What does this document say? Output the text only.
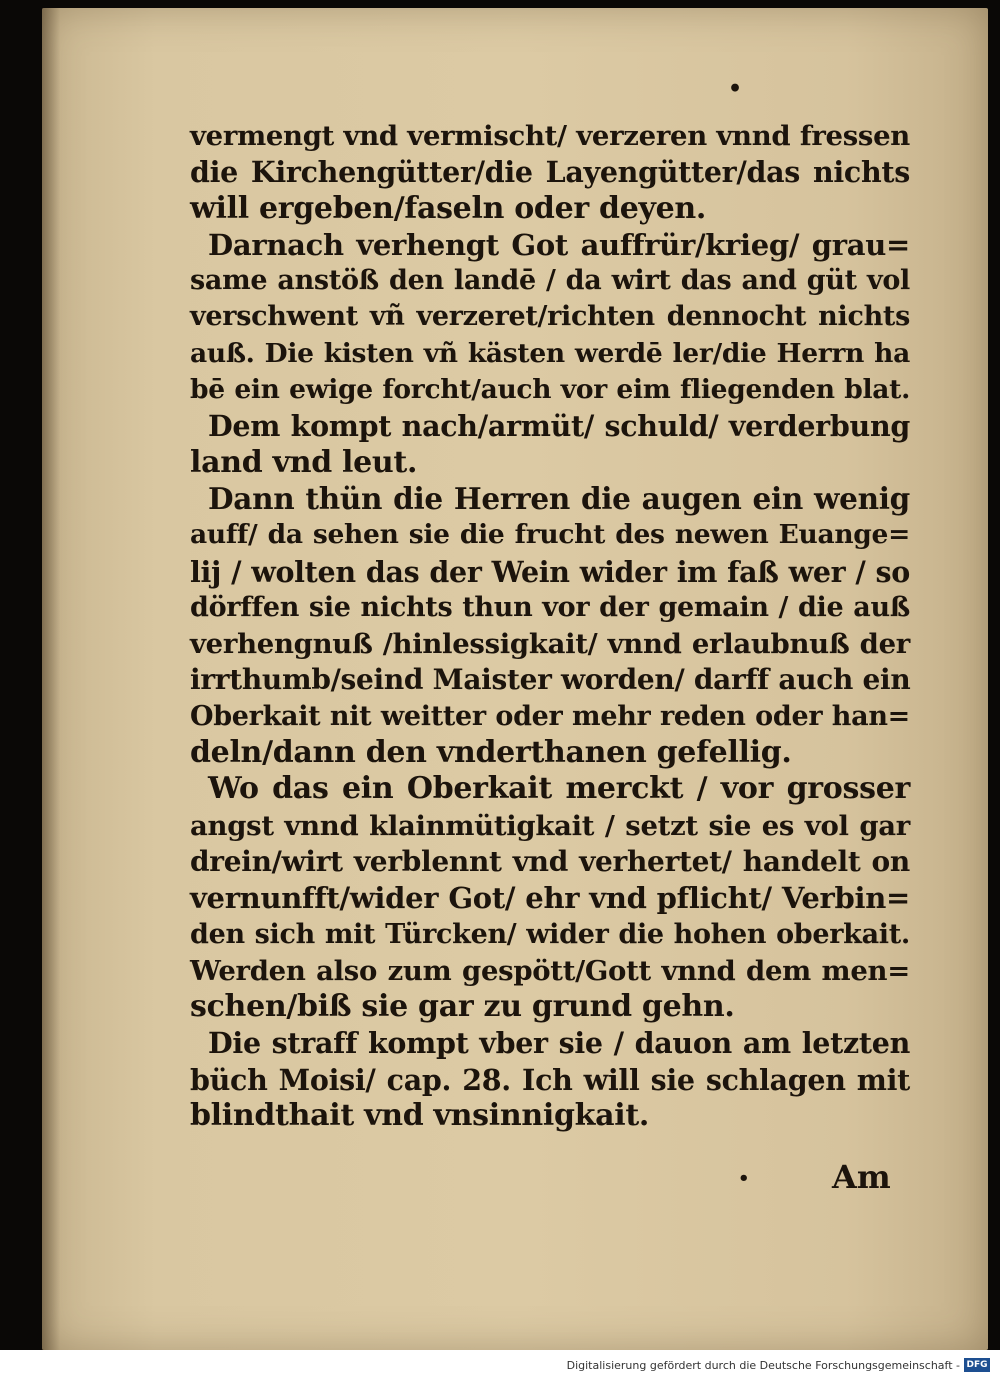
•
vermengt vnd vermischt/ verzeren vnnd fressen
die Kirchengütter/die Layengütter/das nichts
will ergeben/faseln oder deyen.
Darnach verhengt Got auffrür/krieg/ grau=
same anstöß den landē / da wirt das and güt vol
verschwent vñ verzeret/richten dennocht nichts
auß. Die kisten vñ kästen werdē ler/die Herrn ha
bē ein ewige forcht/auch vor eim fliegenden blat.
Dem kompt nach/armüt/ schuld/ verderbung
land vnd leut.
Dann thün die Herren die augen ein wenig
auff/ da sehen sie die frucht des newen Euange=
lij / wolten das der Wein wider im faß wer / so
dörffen sie nichts thun vor der gemain / die auß
verhengnuß /hinlessigkait/ vnnd erlaubnuß der
irrthumb/seind Maister worden/ darff auch ein
Oberkait nit weitter oder mehr reden oder han=
deln/dann den vnderthanen gefellig.
Wo das ein Oberkait merckt / vor grosser
angst vnnd klainmütigkait / setzt sie es vol gar
drein/wirt verblennt vnd verhertet/ handelt on
vernunfft/wider Got/ ehr vnd pflicht/ Verbin=
den sich mit Türcken/ wider die hohen oberkait.
Werden also zum gespött/Gott vnnd dem men=
schen/biß sie gar zu grund gehn.
Die straff kompt vber sie / dauon am letzten
büch Moisi/ cap. 28. Ich will sie schlagen mit
blindthait vnd vnsinnigkait.
•	Am
Digitalisierung gefördert durch die Deutsche Forschungsgemeinschaft - DFG
